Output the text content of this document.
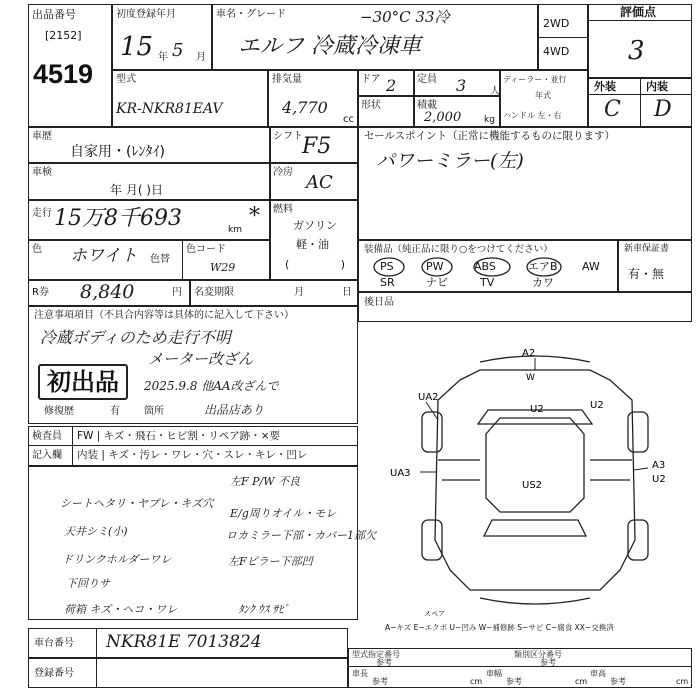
出品番号
[2152]
4519
初度登録年月
15 年 5 月
車名・グレード	−30°C 33冷
エルフ 冷蔵冷凍車
2WD
4WD
評価点
3
型式
KR-NKR81EAV
排気量
4,770
cc
ドア 2 定員 3 人
形状	積載
2,000	kg
ディーラー・並行
年式
ハンドル 左・右
外装	内装
C D
車歴
自家用・(ﾚﾝﾀｲ)
シフト F5
車検
年 月( )日
冷房 AC
走行 15万8千693	km
* 燃料
ガソリン
軽・油
(	)
色 ホワイト 色替
色コード
W29
R券 8,840	円 名変期限	月	日
セールスポイント（正常に機能するものに限ります）
パワーミラー(左)
装備品（純正品に限り○をつけてください）
PS	PW	ABS	エアB AW
SR	ナビ	TV	カワ
新車保証書
有・無
後日品
注意事項項目（不具合内容等は具体的に記入して下さい）
冷蔵ボディのため走行不明
メーター改ざん
初出品	2025.9.8 他AA改ざんで
修復歴	有 箇所	出品店あり
検査員
記入欄
FW | キズ・飛石・ヒビ割・リペア跡・×要
内装 | キズ・汚レ・ワレ・穴・スレ・キレ・凹レ
左F P/W 不良
シートヘタリ・ヤブレ・キズ穴
E/g周りオイル・モレ
天井シミ(小)	ロカミラー下部・カバー1部欠
ドリンクホルダーワレ	左Fピラー下部凹
下回りサ
荷箱 キズ・ヘコ・ワレ	ﾀﾝｸ ｳｽ ｻﾋﾞ
A2
W
UA2
U2	U2
UA3
US2
A3
U2
スペア
A−キズ E−エクボ U−凹み W−補修跡 S−サビ C−腐食 XX−交換済
車台番号 NKR81E 7013824
登録番号
型式指定番号
参考
類別区分番号
参考
車長
参考	cm
車幅
参考	cm
車高
参考	cm
